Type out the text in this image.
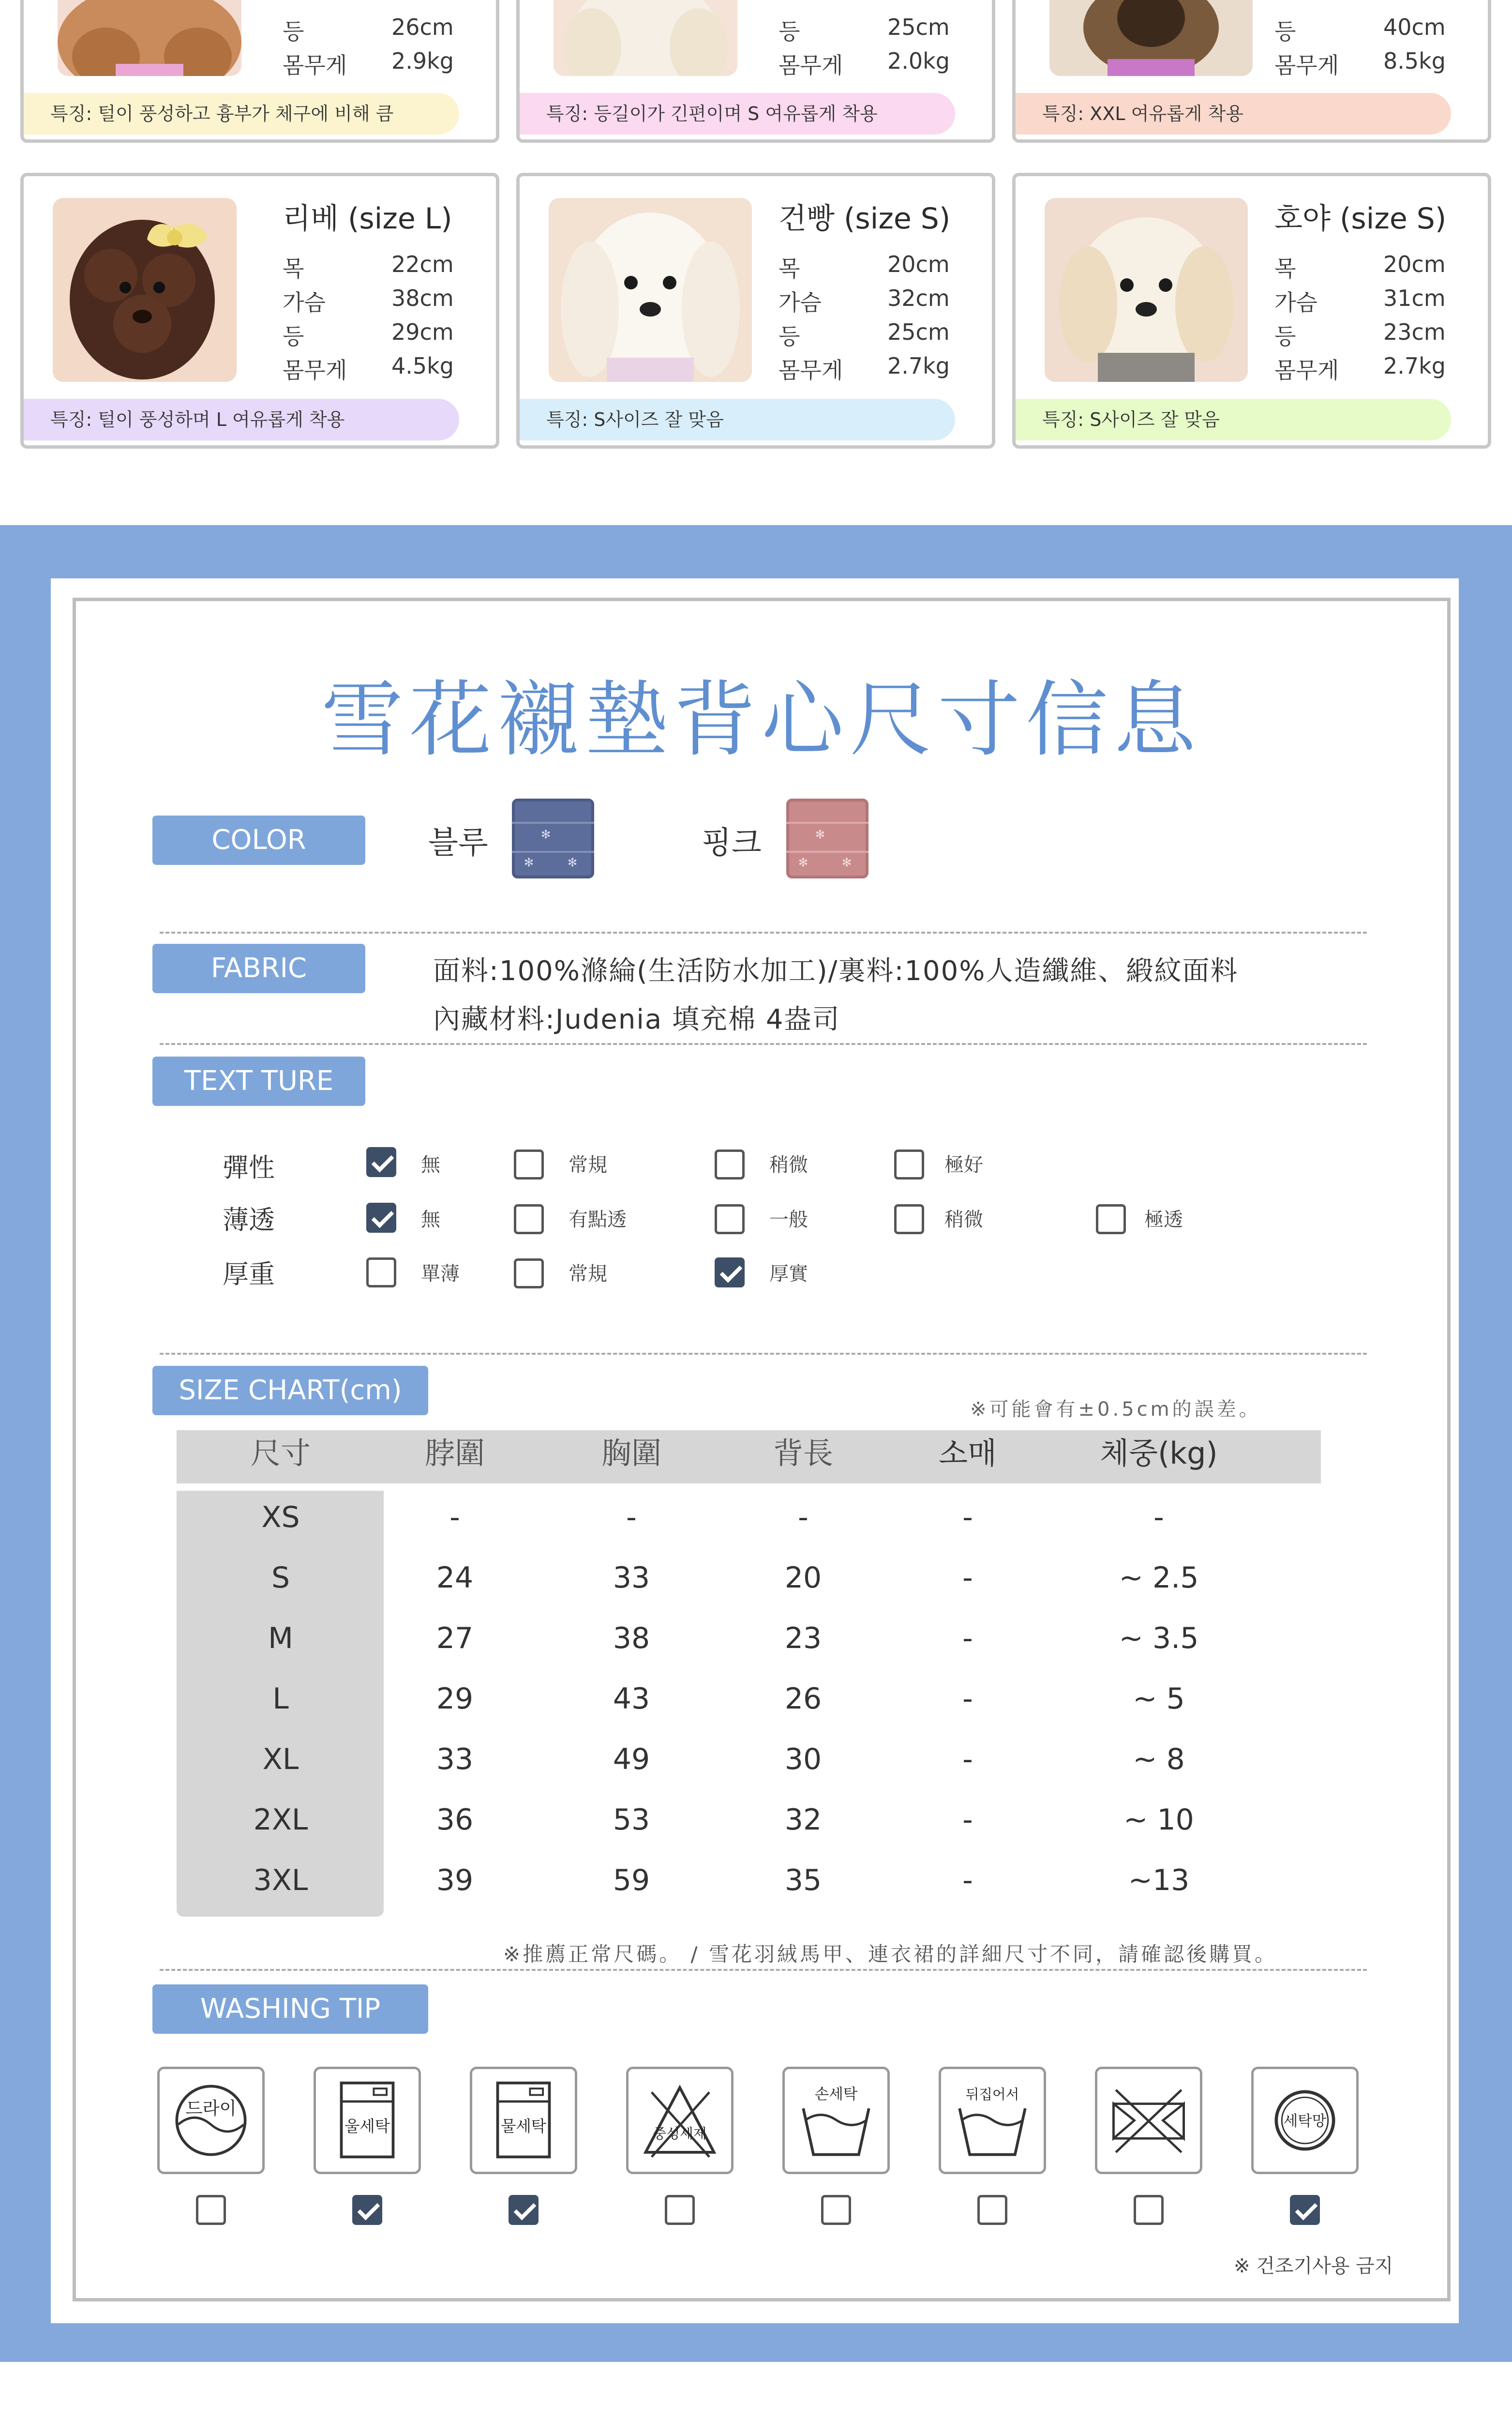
등	26cm
몸무게 2.9kg
특징: 털이 풍성하고 흉부가 체구에 비해 큼
등	25cm
몸무게 2.0kg
특징: 등길이가 긴편이며 S 여유롭게 착용
등	40cm
몸무게 8.5kg
특징: XXL 여유롭게 착용
리베 (size L)
목	22cm
가슴	38cm
등	29cm
몸무게 4.5kg
특징: 털이 풍성하며 L 여유롭게 착용
건빵 (size S)
목	20cm
가슴	32cm
등	25cm
몸무게 2.7kg
특징: S사이즈 잘 맞음
호야 (size S)
목	20cm
가슴	31cm
등	23cm
몸무게 2.7kg
특징: S사이즈 잘 맞음
雪花襯墊背心尺寸信息
COLOR	블루	✻
✻
✻
핑크	✻
✻
✻
FABRIC	面料:100%滌綸(生活防水加工)/裏料:100%人造纖維、緞紋面料
內藏材料:Judenia 填充棉 4盎司
TEXT TURE
彈性	無	常規	稍微	極好
薄透	無	有點透	一般	稍微	極透
厚重	單薄	常規	厚實
SIZE CHART(cm)
※可能會有±0.5cm的誤差。
尺寸	脖圍	胸圍	背長	소매	체중(kg)
XS	-	-	-	-	-
S	24	33	20	-	~ 2.5
M	27	38	23	-	~ 3.5
L	29	43	26	-	~ 5
XL	33	49	30	-	~ 8
2XL	36	53	32	-	~ 10
3XL	39	59	35	-	~13
※推薦正常尺碼。 / 雪花羽絨馬甲、連衣裙的詳細尺寸不同，請確認後購買。
WASHING TIP
드라이
울세탁	물세탁	중성세제
손세탁	뒤집어서
세탁망
※ 건조기사용 금지
